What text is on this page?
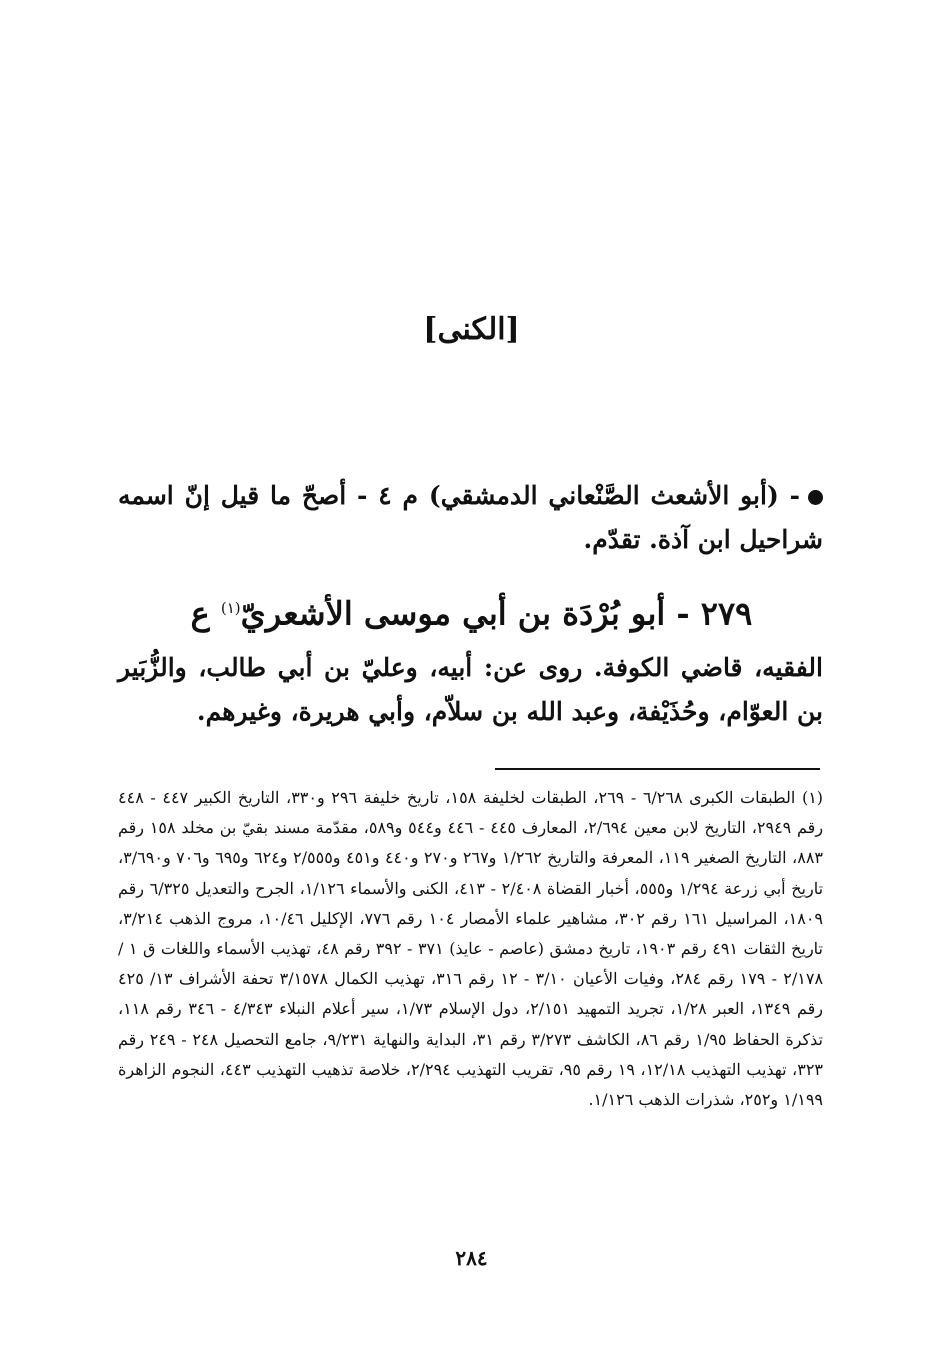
[الكنى]
- (أبو الأشعث الصَّنْعاني الدمشقي) م ٤ - أصحّ ما قيل إنّ اسمه شراحيل ابن آذة. تقدّم.
٢٧٩ - أبو بُرْدَة بن أبي موسى الأشعريّ$^{(١)}$ ع
الفقيه، قاضي الكوفة. روى عن: أبيه، وعليّ بن أبي طالب، والزُّبَير بن العوّام، وحُذَيْفة، وعبد الله بن سلاّم، وأبي هريرة، وغيرهم.
(١) الطبقات الكبرى ٦/٢٦٨ - ٢٦٩، الطبقات لخليفة ١٥٨، تاريخ خليفة ٢٩٦ و٣٣٠، التاريخ الكبير ٤٤٧ - ٤٤٨ رقم ٢٩٤٩، التاريخ لابن معين ٢/٦٩٤، المعارف ٤٤٥ - ٤٤٦ و٥٤٤ و٥٨٩، مقدّمة مسند بقيّ بن مخلد ١٥٨ رقم ٨٨٣، التاريخ الصغير ١١٩، المعرفة والتاريخ ١/٢٦٢ و٢٦٧ و٢٧٠ و٤٤٠ و٤٥١ و٢/٥٥٥ و٦٢٤ و٦٩٥ و٧٠٦ و٣/٦٩٠، تاريخ أبي زرعة ١/٢٩٤ و٥٥٥، أخبار القضاة ٢/٤٠٨ - ٤١٣، الكنى والأسماء ١/١٢٦، الجرح والتعديل ٦/٣٢٥ رقم ١٨٠٩، المراسيل ١٦١ رقم ٣٠٢، مشاهير علماء الأمصار ١٠٤ رقم ٧٧٦، الإكليل ١٠/٤٦، مروج الذهب ٣/٢١٤، تاريخ الثقات ٤٩١ رقم ١٩٠٣، تاريخ دمشق (عاصم - عايذ) ٣٧١ - ٣٩٢ رقم ٤٨، تهذيب الأسماء واللغات ق ١ / ٢/١٧٨ - ١٧٩ رقم ٢٨٤، وفيات الأعيان ٣/١٠ - ١٢ رقم ٣١٦، تهذيب الكمال ٣/١٥٧٨ تحفة الأشراف ١٣/ ٤٢٥ رقم ١٣٤٩، العبر ١/٢٨، تجريد التمهيد ٢/١٥١، دول الإسلام ١/٧٣، سير أعلام النبلاء ٤/٣٤٣ - ٣٤٦ رقم ١١٨، تذكرة الحفاظ ١/٩٥ رقم ٨٦، الكاشف ٣/٢٧٣ رقم ٣١، البداية والنهاية ٩/٢٣١، جامع التحصيل ٢٤٨ - ٢٤٩ رقم ٣٢٣، تهذيب التهذيب ١٢/١٨، ١٩ رقم ٩٥، تقريب التهذيب ٢/٢٩٤، خلاصة تذهيب التهذيب ٤٤٣، النجوم الزاهرة ١/١٩٩ و٢٥٢، شذرات الذهب ١/١٢٦.
٢٨٤
